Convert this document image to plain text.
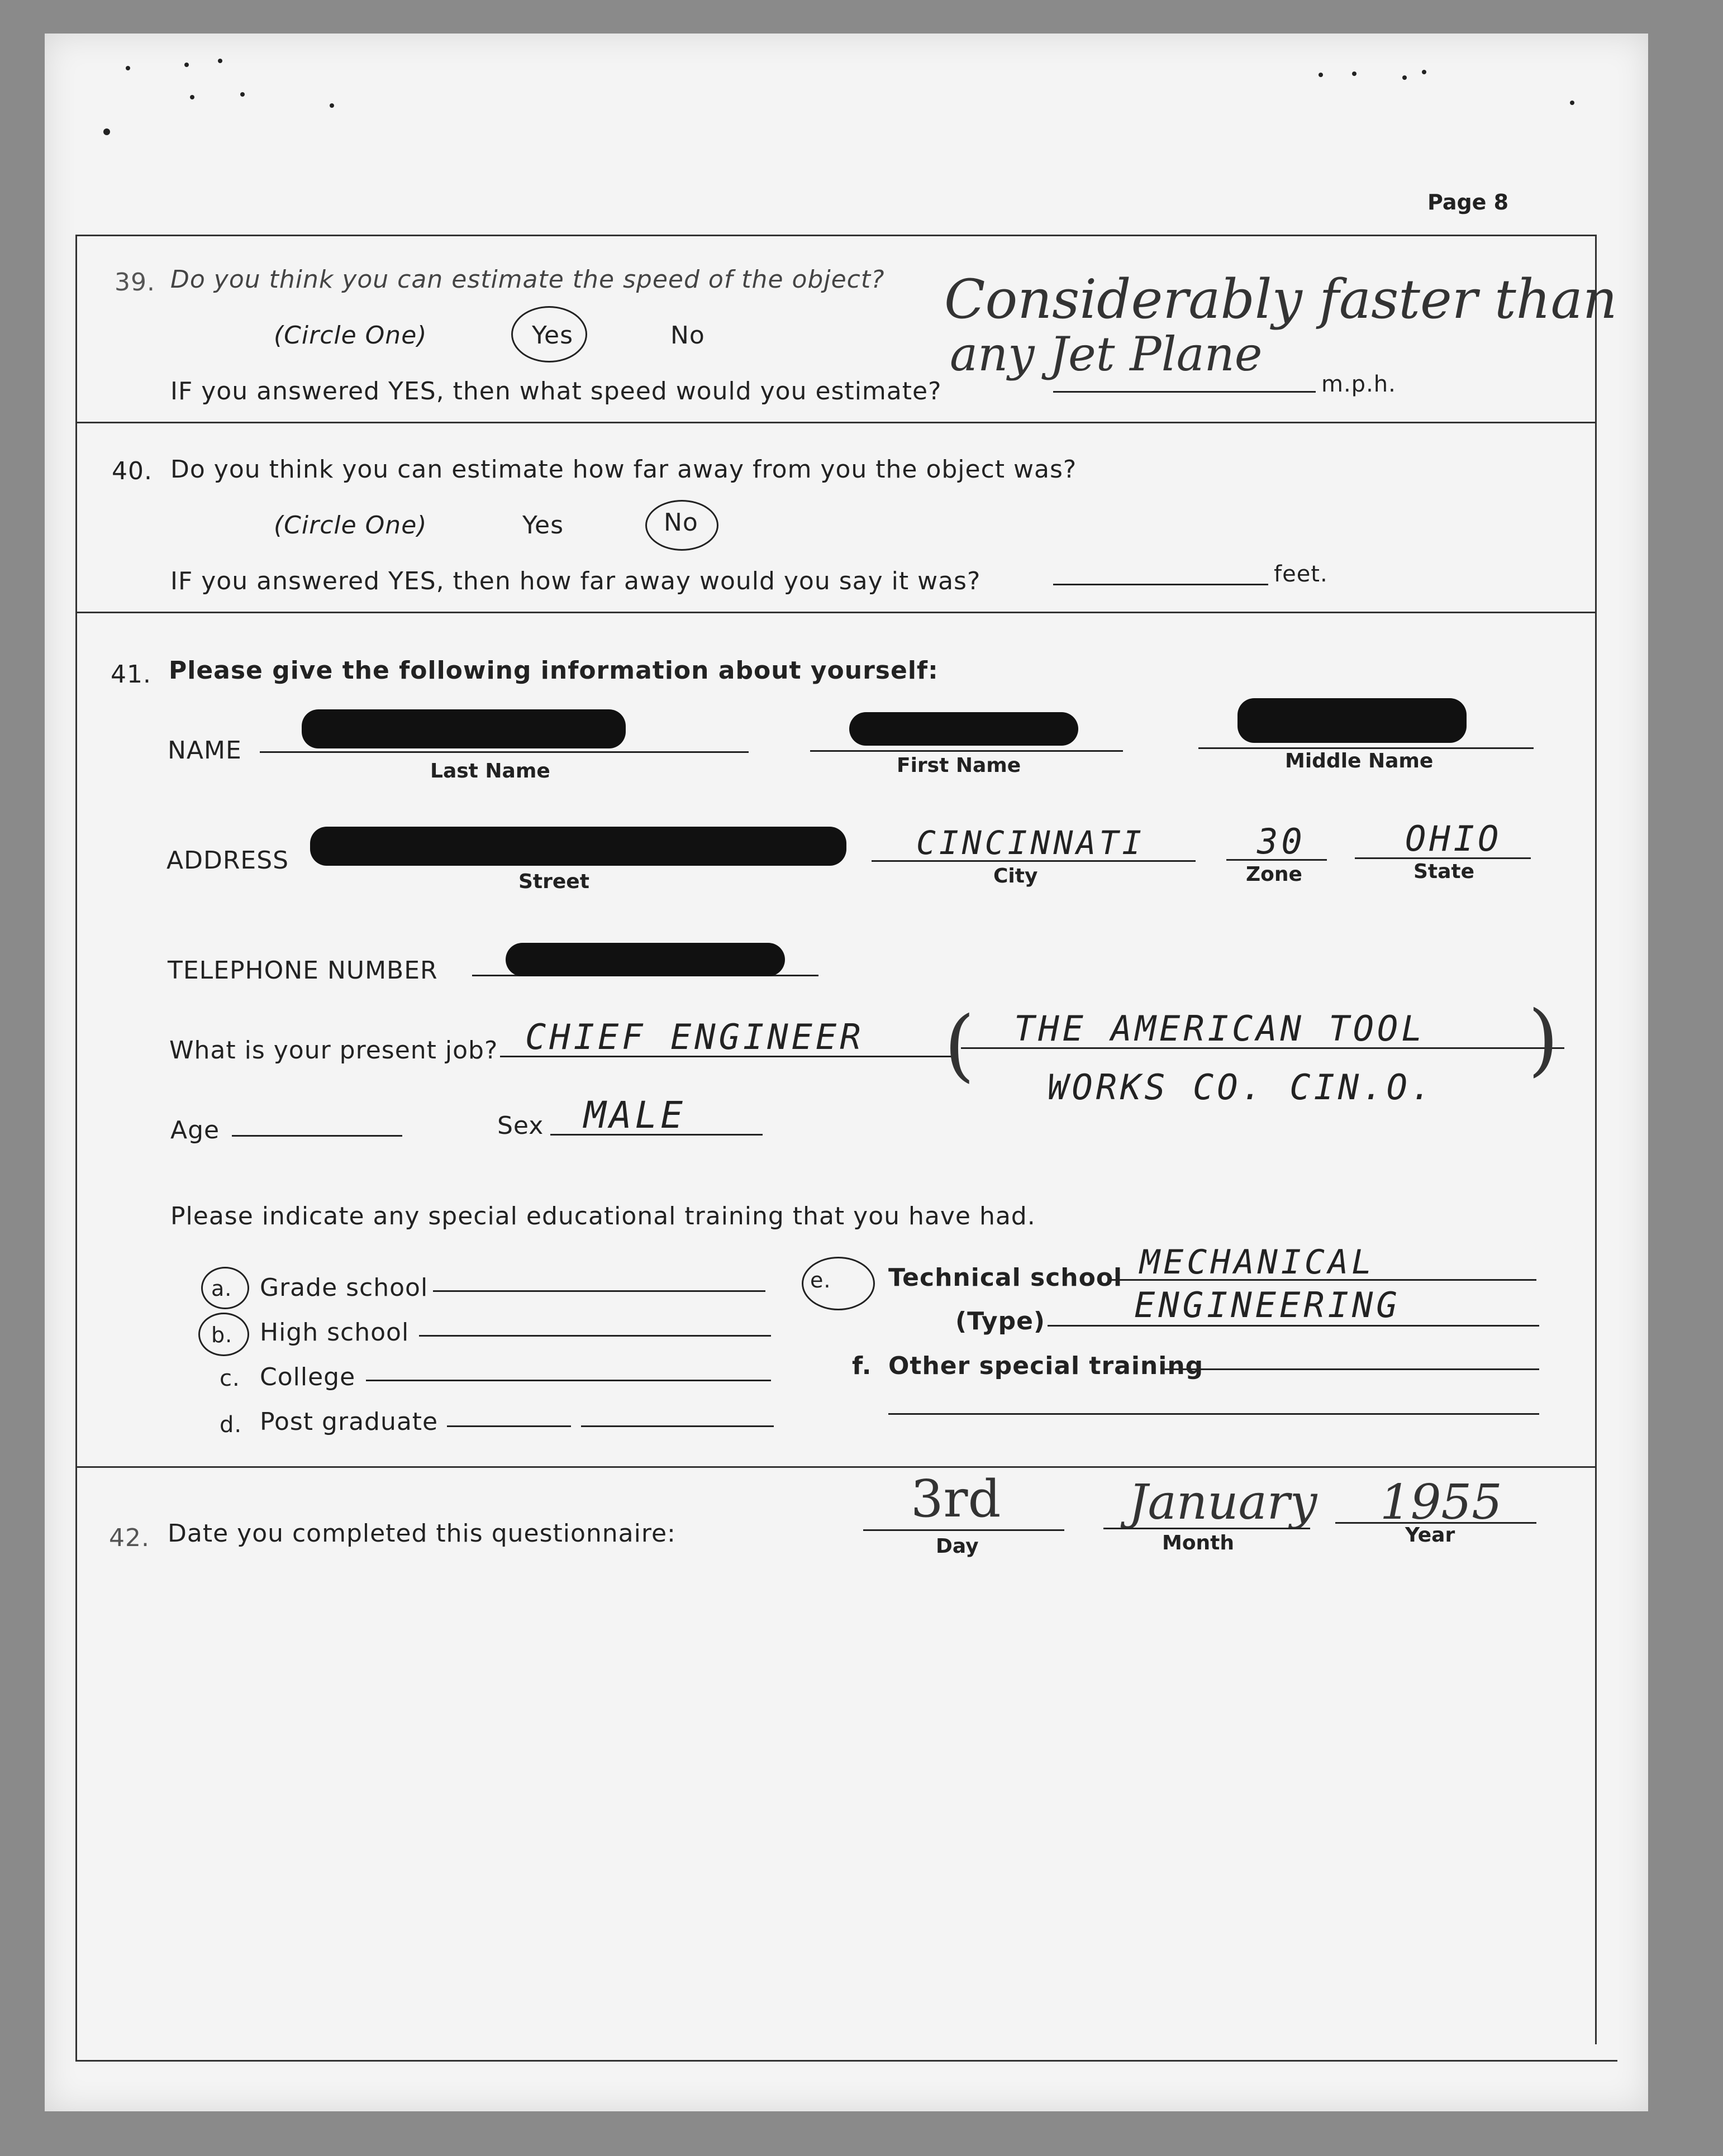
Page 8
39. Do you think you can estimate the speed of the object?
(Circle One)	Yes	No
IF you answered YES, then what speed would you estimate?
Considerably faster than
any Jet Plane
m.p.h.
40. Do you think you can estimate how far away from you the object was?
(Circle One)	Yes	No
IF you answered YES, then how far away would you say it was?	feet.
41. Please give the following information about yourself:
NAME
Last Name	First Name	Middle Name
ADDRESS
Street
CINCINNATI
City
30
Zone
OHIO
State
TELEPHONE NUMBER
What is your present job? CHIEF ENGINEER ( THE AMERICAN TOOL )
WORKS CO. CIN.O.
Age	Sex MALE
Please indicate any special educational training that you have had.
a. Grade school
b. High school
c. College
d. Post graduate
e. Technical school MECHANICAL
(Type)	ENGINEERING
f. Other special training
42. Date you completed this questionnaire:
3rd
Day
January
Month
1955
Year
